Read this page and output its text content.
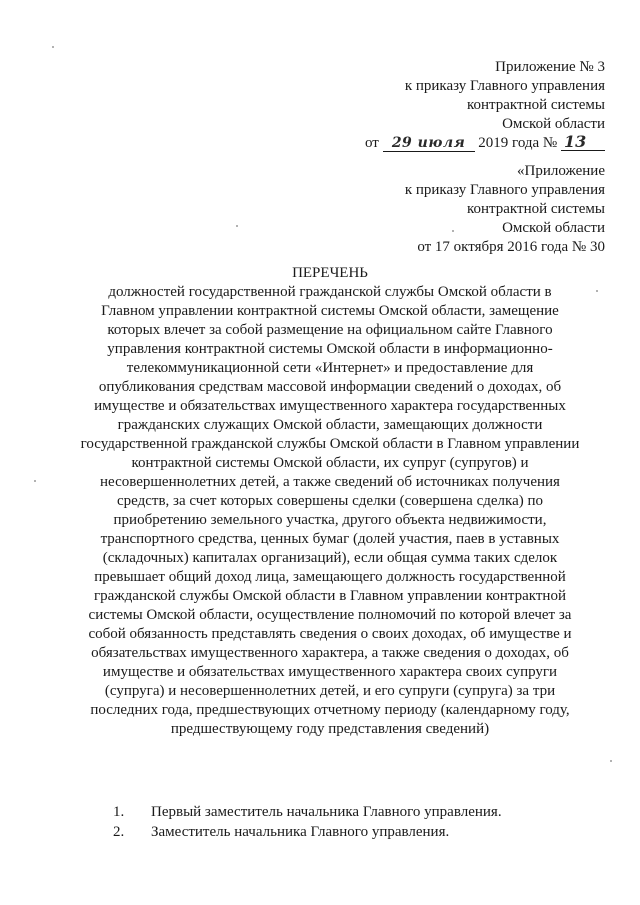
Приложение № 3
к приказу Главного управления
контрактной системы
Омской области
от 29 июля 2019 года № 13
«Приложение
к приказу Главного управления
контрактной системы
Омской области
от 17 октября 2016 года № 30
ПЕРЕЧЕНЬ
должностей государственной гражданской службы Омской области в Главном управлении контрактной системы Омской области, замещение которых влечет за собой размещение на официальном сайте Главного управления контрактной системы Омской области в информационно-телекоммуникационной сети «Интернет» и предоставление для опубликования средствам массовой информации сведений о доходах, об имуществе и обязательствах имущественного характера государственных гражданских служащих Омской области, замещающих должности государственной гражданской службы Омской области в Главном управлении контрактной системы Омской области, их супруг (супругов) и несовершеннолетних детей, а также сведений об источниках получения средств, за счет которых совершены сделки (совершена сделка) по приобретению земельного участка, другого объекта недвижимости, транспортного средства, ценных бумаг (долей участия, паев в уставных (складочных) капиталах организаций), если общая сумма таких сделок превышает общий доход лица, замещающего должность государственной гражданской службы Омской области в Главном управлении контрактной системы Омской области, осуществление полномочий по которой влечет за собой обязанность представлять сведения о своих доходах, об имуществе и обязательствах имущественного характера, а также сведения о доходах, об имуществе и обязательствах имущественного характера своих супруги (супруга) и несовершеннолетних детей, и его супруги (супруга) за три последних года, предшествующих отчетному периоду (календарному году, предшествующему году представления сведений)
1.	Первый заместитель начальника Главного управления.
2.	Заместитель начальника Главного управления.
